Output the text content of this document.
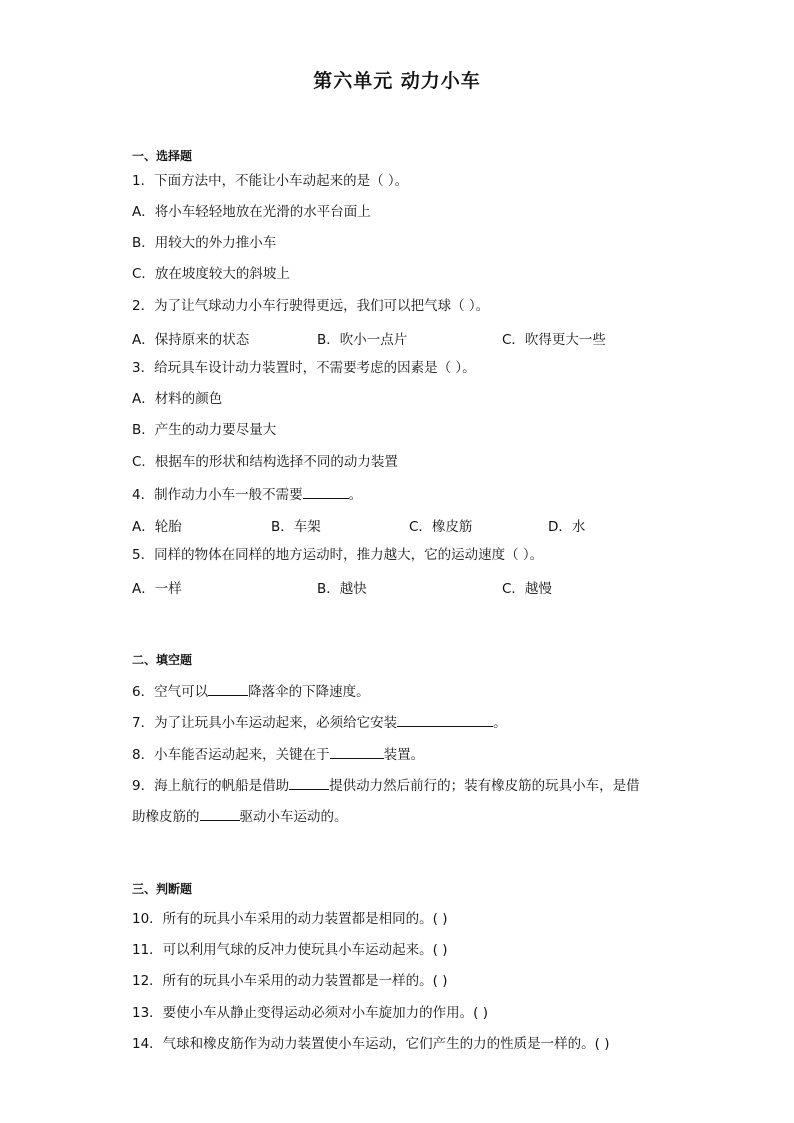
第六单元 动力小车
一、选择题
1．下面方法中，不能让小车动起来的是（ ）。
A．将小车轻轻地放在光滑的水平台面上
B．用较大的外力推小车
C．放在坡度较大的斜坡上
2．为了让气球动力小车行驶得更远，我们可以把气球（ ）。
A．保持原来的状态	B．吹小一点片	C．吹得更大一些
3．给玩具车设计动力装置时，不需要考虑的因素是（ ）。
A．材料的颜色
B．产生的动力要尽量大
C．根据车的形状和结构选择不同的动力装置
4．制作动力小车一般不需要	。
A．轮胎	B．车架	C．橡皮筋	D．水
5．同样的物体在同样的地方运动时，推力越大，它的运动速度（ ）。
A．一样	B．越快	C．越慢
二、填空题
6．空气可以	降落伞的下降速度。
7．为了让玩具小车运动起来，必须给它安装	。
8．小车能否运动起来，关键在于	装置。
9．海上航行的帆船是借助	提供动力然后前行的；装有橡皮筋的玩具小车，是借
助橡皮筋的	驱动小车运动的。
三、判断题
10．所有的玩具小车采用的动力装置都是相同的。( )
11．可以利用气球的反冲力使玩具小车运动起来。( )
12．所有的玩具小车采用的动力装置都是一样的。( )
13．要使小车从静止变得运动必须对小车旋加力的作用。( )
14．气球和橡皮筋作为动力装置使小车运动，它们产生的力的性质是一样的。( )
